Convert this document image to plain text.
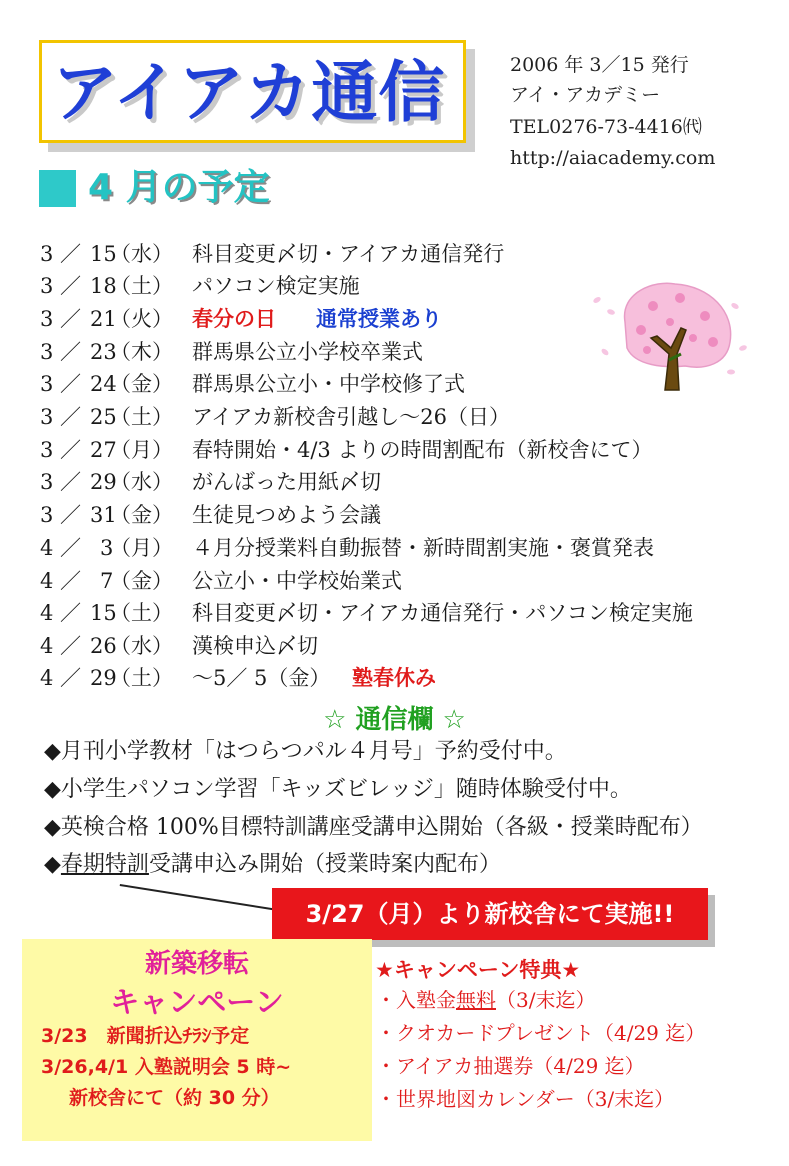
アイアカ通信	2006 年 3／15 発行
アイ・アカデミー
TEL0276-73-4416㈹
http://aiacademy.com
4 月の予定
3 ／ 15
（水） 科目変更〆切・アイアカ通信発行
3 ／ 18
（土） パソコン検定実施
3 ／ 21
（火） 春分の日 通常授業あり
3 ／ 23
（木） 群馬県公立小学校卒業式
3 ／ 24
（金） 群馬県公立小・中学校修了式
3 ／ 25
（土） アイアカ新校舎引越し～26（日）
3 ／ 27
（月） 春特開始・4/3 よりの時間割配布（新校舎にて）
3 ／ 29
（水） がんばった用紙〆切
3 ／ 31
（金） 生徒見つめよう会議
4 ／ 3
（月） ４月分授業料自動振替・新時間割実施・褒賞発表
4 ／ 7
（金） 公立小・中学校始業式
4 ／ 15
（土） 科目変更〆切・アイアカ通信発行・パソコン検定実施
4 ／ 26
（水） 漢検申込〆切
4 ／ 29
（土） ～5／ 5（金） 塾春休み
☆ 通信欄 ☆
◆月刊小学教材「はつらつパル４月号」予約受付中。
◆小学生パソコン学習「キッズビレッジ」随時体験受付中。
◆英検合格 100%目標特訓講座受講申込開始（各級・授業時配布）
◆春期特訓受講申込み開始（授業時案内配布）
3/27（月）より新校舎にて実施!!
新築移転
キャンペーン
3/23　新聞折込ﾁﾗｼ予定
3/26,4/1 入塾説明会 5 時~
新校舎にて（約 30 分）
★キャンペーン特典★
・入塾金無料（3/末迄）
・クオカードプレゼント（4/29 迄）
・アイアカ抽選券（4/29 迄）
・世界地図カレンダー（3/末迄）
